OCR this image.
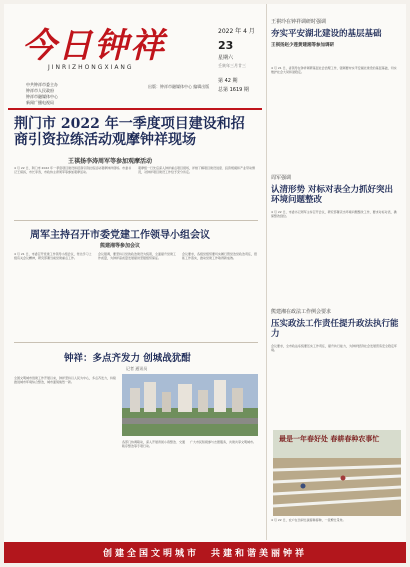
今日钟祥
JINRIZHONGXIANG
中共钟祥市委主办
钟祥市人民政府
钟祥市融媒体中心
新闻广播电视局
出版：钟祥市融媒体中心 编辑出版
2022 年 4 月
23
星期六
壬寅年三月廿三
第 42 期
总第 1619 期
荆门市 2022 年一季度项目建设和招商引资拉练活动观摩钟祥现场
王祺扬李涛周军等参加观摩活动
4 月 22 日，荆门市 2022 年一季度项目建设和招商引资拉练活动观摩钟祥现场。市委书记王祺扬，市长李涛，市政协主席周军等参加观摩活动。
观摩组一行先后深入钟祥重点项目现场，详细了解项目建设进度、投资规模和产业带动情况，对钟祥项目建设工作给予充分肯定。
周军主持召开市委党建工作领导小组会议
熊建湘等参加会议
4 月 21 日，市委召开党建工作领导小组会议，传达学习上级有关会议精神，研究部署当前党建重点工作。
会议强调，要坚持以党的政治建设为统领，全面提升党建工作质量，为钟祥高质量发展提供坚强组织保证。
会议要求，各级党组织要切实履行管党治党政治责任，狠抓工作落实，推动党建工作取得新成效。
钟祥：多点齐发力 创城战犹酣
记者 通讯员
全国文明城市创建工作开展以来，钟祥坚持以人民为中心，多点齐发力，持续推进城市环境综合整治，城市面貌焕然一新。
各部门协调联动，深入开展背街小巷整治、交通秩序整治等专项行动。
广大市民积极参与志愿服务，共建共享文明城市。
王祺玲在钟祥调研时强调
夯实平安湖北建设的基层基础
王祺扬赵少莲黄建湘等参加调研
4 月 21 日，省领导在钟祥调研基层社会治理工作，强调要夯实平安湖北建设的基层基础，切实维护社会大局和谐稳定。
周军强调
认清形势 对标对表全力抓好突出环境问题整改
4 月 22 日，市委书记周军主持召开会议，研究部署突出环境问题整改工作，要求对标对表，确保整改到位。
熊建湘在政法工作例会要求
压实政法工作责任提升政法执行能力
会议要求，全市政法系统要压实工作责任，提升执行能力，为钟祥经济社会发展营造安全稳定环境。
最是一年春好处 春耕春种农事忙
4 月 22 日，农户在田间忙碌春耕春种，一派繁忙景象。
创建全国文明城市　共建和谐美丽钟祥
